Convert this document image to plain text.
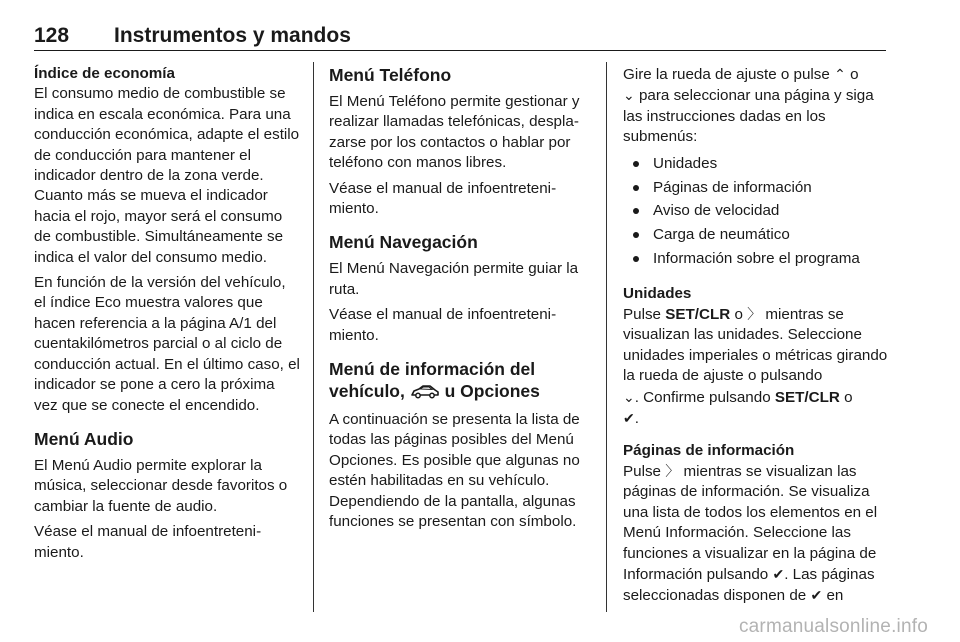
128 Instrumentos y mandos

Índice de economía

El consumo medio de combustible se indica en escala económica. Para una conducción económica, adapte el estilo de conducción para mantener el indicador dentro de la zona verde. Cuanto más se mueva el indicador hacia el rojo, mayor será el consumo de combustible. Simultáneamente se indica el valor del consumo medio.

En función de la versión del vehículo, el índice Eco muestra valores que hacen referencia a la página A/1 del cuentakilómetros parcial o al ciclo de conducción actual. En el último caso, el indicador se pone a cero la próxima vez que se conecte el encendido.

Menú Audio

El Menú Audio permite explorar la música, seleccionar desde favoritos o cambiar la fuente de audio.

Véase el manual de infoentretenimiento.

Menú Teléfono

El Menú Teléfono permite gestionar y realizar llamadas telefónicas, desplazarse por los contactos o hablar por teléfono con manos libres.

Véase el manual de infoentretenimiento.

Menú Navegación

El Menú Navegación permite guiar la ruta.

Véase el manual de infoentretenimiento.

Menú de información del
vehículo, u Opciones

A continuación se presenta la lista de todas las páginas posibles del Menú Opciones. Es posible que algunas no estén habilitadas en su vehículo. Dependiendo de la pantalla, algunas funciones se presentan con símbolo.

Gire la rueda de ajuste o pulse ⌃ o
⌄ para seleccionar una página y siga las instrucciones dadas en los submenús:

Unidades
Páginas de información
Aviso de velocidad
Carga de neumático
Información sobre el programa

Unidades

Pulse SET/CLR o 〉 mientras se visualizan las unidades. Seleccione unidades imperiales o métricas girando la rueda de ajuste o pulsando
⌄. Confirme pulsando SET/CLR o
✔.

Páginas de información

Pulse 〉 mientras se visualizan las páginas de información. Se visualiza una lista de todos los elementos en el Menú Información. Seleccione las funciones a visualizar en la página de Información pulsando ✔. Las páginas seleccionadas disponen de ✔ en

carmanualsonline.info
